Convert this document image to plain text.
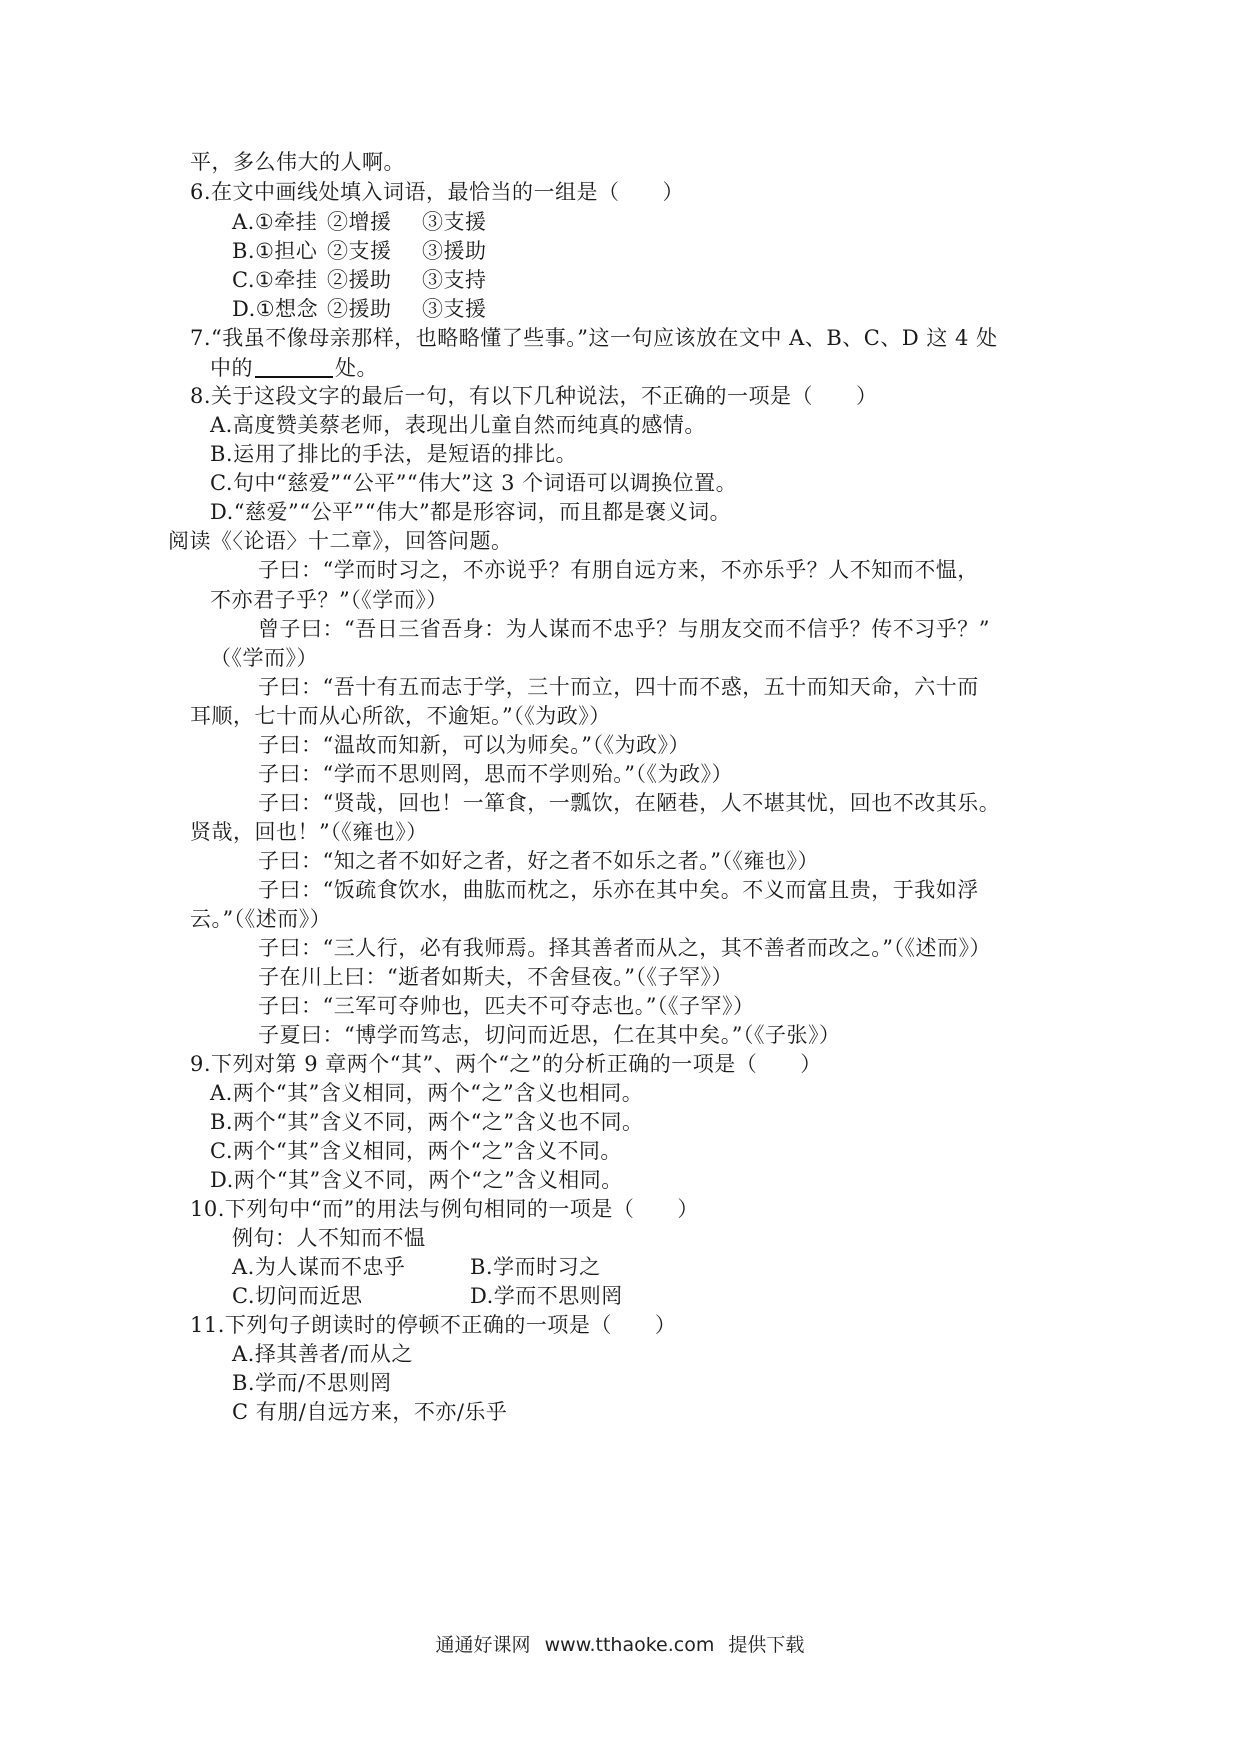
平，多么伟大的人啊。
6.在文中画线处填入词语，最恰当的一组是（　　）
A.①牵挂 ②增援 ③支援
B.①担心 ②支援 ③援助
C.①牵挂 ②援助 ③支持
D.①想念 ②援助 ③支援
7.“我虽不像母亲那样，也略略懂了些事。”这一句应该放在文中 A、B、C、D 这 4 处
中的	处。
8.关于这段文字的最后一句，有以下几种说法，不正确的一项是（　　）
A.高度赞美蔡老师，表现出儿童自然而纯真的感情。
B.运用了排比的手法，是短语的排比。
C.句中“慈爱”“公平”“伟大”这 3 个词语可以调换位置。
D.“慈爱”“公平”“伟大”都是形容词，而且都是褒义词。
阅读《〈论语〉十二章》，回答问题。
子曰：“学而时习之，不亦说乎？有朋自远方来，不亦乐乎？人不知而不愠，
不亦君子乎？”（《学而》）
曾子曰：“吾日三省吾身：为人谋而不忠乎？与朋友交而不信乎？传不习乎？”
（《学而》）
子曰：“吾十有五而志于学，三十而立，四十而不惑，五十而知天命，六十而
耳顺，七十而从心所欲，不逾矩。”（《为政》）
子曰：“温故而知新，可以为师矣。”（《为政》）
子曰：“学而不思则罔，思而不学则殆。”（《为政》）
子曰：“贤哉，回也！一箪食，一瓢饮，在陋巷，人不堪其忧，回也不改其乐。
贤哉，回也！”（《雍也》）
子曰：“知之者不如好之者，好之者不如乐之者。”（《雍也》）
子曰：“饭疏食饮水，曲肱而枕之，乐亦在其中矣。不义而富且贵，于我如浮
云。”（《述而》）
子曰：“三人行，必有我师焉。择其善者而从之，其不善者而改之。”（《述而》）
子在川上曰：“逝者如斯夫，不舍昼夜。”（《子罕》）
子曰：“三军可夺帅也，匹夫不可夺志也。”（《子罕》）
子夏曰：“博学而笃志，切问而近思，仁在其中矣。”（《子张》）
9.下列对第 9 章两个“其”、两个“之”的分析正确的一项是（　　）
A.两个“其”含义相同，两个“之”含义也相同。
B.两个“其”含义不同，两个“之”含义也不同。
C.两个“其”含义相同，两个“之”含义不同。
D.两个“其”含义不同，两个“之”含义相同。
10.下列句中“而”的用法与例句相同的一项是（　　）
例句：人不知而不愠
A.为人谋而不忠乎	B.学而时习之
C.切问而近思	D.学而不思则罔
11.下列句子朗读时的停顿不正确的一项是（　　）
A.择其善者/而从之
B.学而/不思则罔
C 有朋/自远方来，不亦/乐乎
通通好课网 www.tthaoke.com 提供下载
